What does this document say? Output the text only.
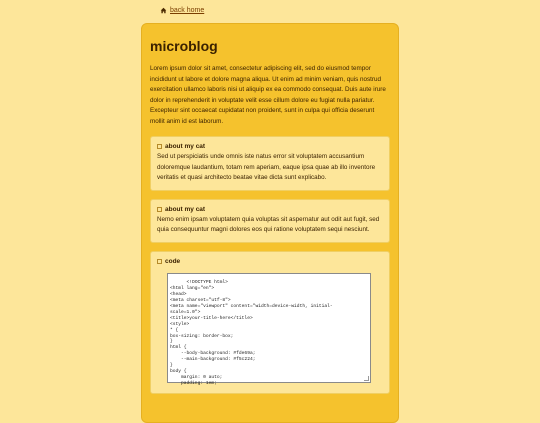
back home
microblog

Lorem ipsum dolor sit amet, consectetur adipiscing elit, sed do eiusmod tempor incididunt ut labore et dolore magna aliqua. Ut enim ad minim veniam, quis nostrud exercitation ullamco laboris nisi ut aliquip ex ea commodo consequat. Duis aute irure dolor in reprehenderit in voluptate velit esse cillum dolore eu fugiat nulla pariatur. Excepteur sint occaecat cupidatat non proident, sunt in culpa qui officia deserunt mollit anim id est laborum.

about my cat

Sed ut perspiciatis unde omnis iste natus error sit voluptatem accusantium doloremque laudantium, totam rem aperiam, eaque ipsa quae ab illo inventore veritatis et quasi architecto beatae vitae dicta sunt explicabo.

about my cat

Nemo enim ipsam voluptatem quia voluptas sit aspernatur aut odit aut fugit, sed quia consequuntur magni dolores eos qui ratione voluptatem sequi nesciunt.

code

<!DOCTYPE html>
<html lang="en">
<head>
<meta charset="utf-8">
<meta name="viewport" content="width=device-width, initial-
scale=1.0">
<title>your-title-here</title>
<style>
* {
box-sizing: border-box;
}
html {
--body-background: #fde69a;
--main-background: #f5c224;
}
body {
margin: 0 auto;
padding: 1em;
